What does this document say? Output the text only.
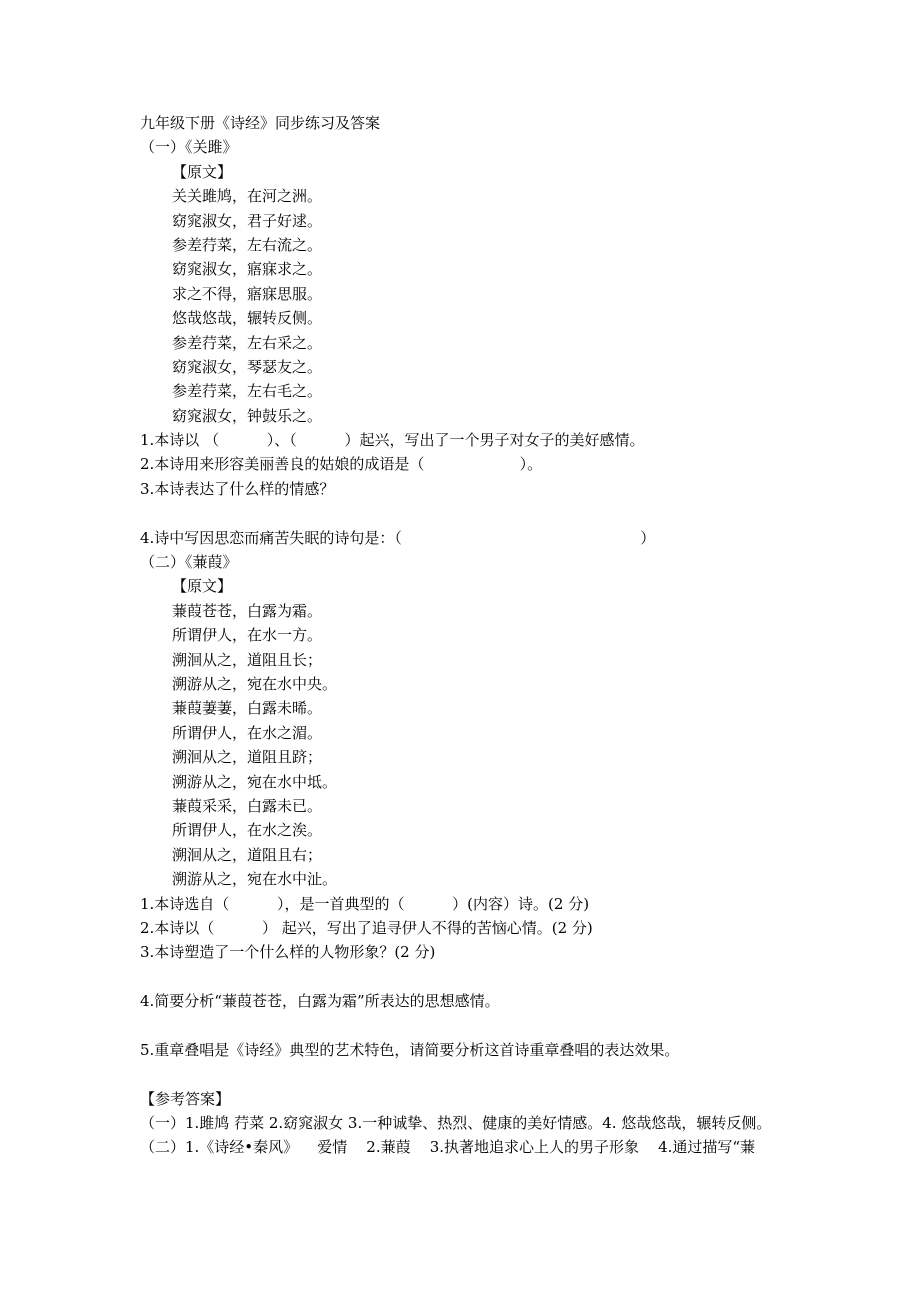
九年级下册《诗经》同步练习及答案
（一）《关雎》
【原文】
关关雎鸠，在河之洲。
窈窕淑女，君子好逑。
参差荇菜，左右流之。
窈窕淑女，寤寐求之。
求之不得，寤寐思服。
悠哉悠哉，辗转反侧。
参差荇菜，左右采之。
窈窕淑女，琴瑟友之。
参差荇菜，左右毛之。
窈窕淑女，钟鼓乐之。
1.本诗以 （          ）、（          ）起兴，写出了一个男子对女子的美好感情。
2.本诗用来形容美丽善良的姑娘的成语是（                    ）。
3.本诗表达了什么样的情感？
4.诗中写因思恋而痛苦失眠的诗句是：（                                                  ）
（二）《蒹葭》
【原文】
蒹葭苍苍，白露为霜。
所谓伊人，在水一方。
溯洄从之，道阻且长；
溯游从之，宛在水中央。
蒹葭萋萋，白露未晞。
所谓伊人，在水之湄。
溯洄从之，道阻且跻；
溯游从之，宛在水中坻。
蒹葭采采，白露未已。
所谓伊人，在水之涘。
溯洄从之，道阻且右；
溯游从之，宛在水中沚。
1.本诗选自（          ），是一首典型的（          ）(内容）诗。(2 分)
2.本诗以（          ） 起兴，写出了追寻伊人不得的苦恼心情。(2 分)
3.本诗塑造了一个什么样的人物形象？(2 分)
4.简要分析“蒹葭苍苍，白露为霜”所表达的思想感情。
5.重章叠唱是《诗经》典型的艺术特色，请简要分析这首诗重章叠唱的表达效果。
【参考答案】
（一）1.雎鸠 荇菜 2.窈窕淑女 3.一种诚挚、热烈、健康的美好情感。4. 悠哉悠哉，辗转反侧。
（二）1.《诗经•秦风》    爱情    2.蒹葭    3.执著地追求心上人的男子形象    4.通过描写“蒹
